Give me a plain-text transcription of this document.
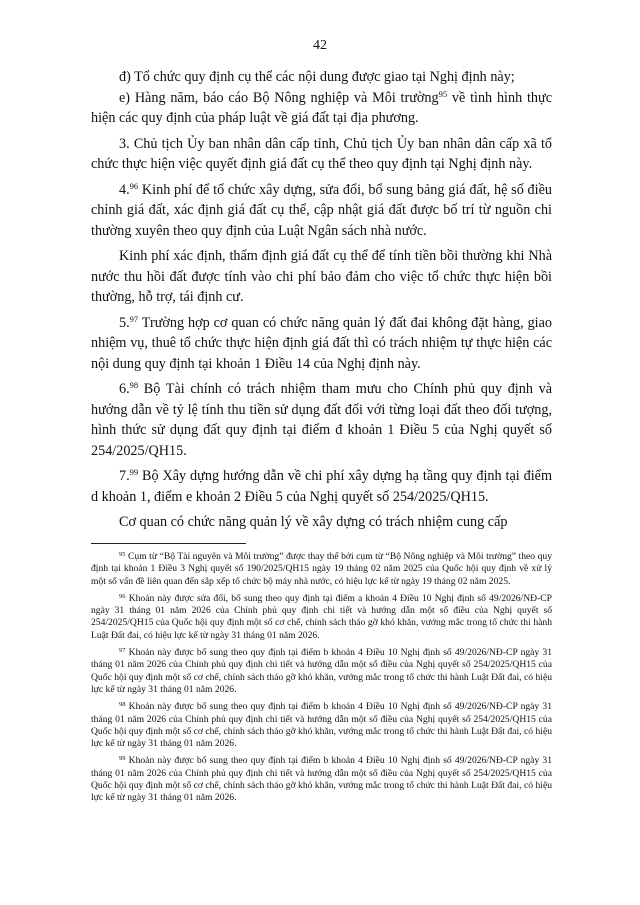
42

đ) Tổ chức quy định cụ thể các nội dung được giao tại Nghị định này;

e) Hàng năm, báo cáo Bộ Nông nghiệp và Môi trường$^{95}$ về tình hình thực hiện các quy định của pháp luật về giá đất tại địa phương.

3. Chủ tịch Ủy ban nhân dân cấp tỉnh, Chủ tịch Ủy ban nhân dân cấp xã tổ chức thực hiện việc quyết định giá đất cụ thể theo quy định tại Nghị định này.

4.96 Kinh phí để tổ chức xây dựng, sửa đổi, bổ sung bảng giá đất, hệ số điều chỉnh giá đất, xác định giá đất cụ thể, cập nhật giá đất được bố trí từ nguồn chi thường xuyên theo quy định của Luật Ngân sách nhà nước.

Kinh phí xác định, thẩm định giá đất cụ thể để tính tiền bồi thường khi Nhà nước thu hồi đất được tính vào chi phí bảo đảm cho việc tổ chức thực hiện bồi thường, hỗ trợ, tái định cư.

5.97 Trường hợp cơ quan có chức năng quản lý đất đai không đặt hàng, giao nhiệm vụ, thuê tổ chức thực hiện định giá đất thì có trách nhiệm tự thực hiện các nội dung quy định tại khoản 1 Điều 14 của Nghị định này.

6.98 Bộ Tài chính có trách nhiệm tham mưu cho Chính phủ quy định và hướng dẫn về tỷ lệ tính thu tiền sử dụng đất đối với từng loại đất theo đối tượng, hình thức sử dụng đất quy định tại điểm đ khoản 1 Điều 5 của Nghị quyết số 254/2025/QH15.

7.99 Bộ Xây dựng hướng dẫn về chi phí xây dựng hạ tầng quy định tại điểm d khoản 1, điểm e khoản 2 Điều 5 của Nghị quyết số 254/2025/QH15.

Cơ quan có chức năng quản lý về xây dựng có trách nhiệm cung cấp

$^{95}$ Cụm từ “Bộ Tài nguyên và Môi trường” được thay thế bởi cụm từ “Bộ Nông nghiệp và Môi trường” theo quy định tại khoản 1 Điều 3 Nghị quyết số 190/2025/QH15 ngày 19 tháng 02 năm 2025 của Quốc hội quy định về xử lý một số vấn đề liên quan đến sắp xếp tổ chức bộ máy nhà nước, có hiệu lực kể từ ngày 19 tháng 02 năm 2025.
$^{96}$ Khoản này được sửa đổi, bổ sung theo quy định tại điểm a khoản 4 Điều 10 Nghị định số 49/2026/NĐ-CP ngày 31 tháng 01 năm 2026 của Chính phủ quy định chi tiết và hướng dẫn một số điều của Nghị quyết số 254/2025/QH15 của Quốc hội quy định một số cơ chế, chính sách tháo gỡ khó khăn, vướng mắc trong tổ chức thi hành Luật Đất đai, có hiệu lực kể từ ngày 31 tháng 01 năm 2026.
$^{97}$ Khoản này được bổ sung theo quy định tại điểm b khoản 4 Điều 10 Nghị định số 49/2026/NĐ-CP ngày 31 tháng 01 năm 2026 của Chính phủ quy định chi tiết và hướng dẫn một số điều của Nghị quyết số 254/2025/QH15 của Quốc hội quy định một số cơ chế, chính sách tháo gỡ khó khăn, vướng mắc trong tổ chức thi hành Luật Đất đai, có hiệu lực kể từ ngày 31 tháng 01 năm 2026.
$^{98}$ Khoản này được bổ sung theo quy định tại điểm b khoản 4 Điều 10 Nghị định số 49/2026/NĐ-CP ngày 31 tháng 01 năm 2026 của Chính phủ quy định chi tiết và hướng dẫn một số điều của Nghị quyết số 254/2025/QH15 của Quốc hội quy định một số cơ chế, chính sách tháo gỡ khó khăn, vướng mắc trong tổ chức thi hành Luật Đất đai, có hiệu lực kể từ ngày 31 tháng 01 năm 2026.
$^{99}$ Khoản này được bổ sung theo quy định tại điểm b khoản 4 Điều 10 Nghị định số 49/2026/NĐ-CP ngày 31 tháng 01 năm 2026 của Chính phủ quy định chi tiết và hướng dẫn một số điều của Nghị quyết số 254/2025/QH15 của Quốc hội quy định một số cơ chế, chính sách tháo gỡ khó khăn, vướng mắc trong tổ chức thi hành Luật Đất đai, có hiệu lực kể từ ngày 31 tháng 01 năm 2026.
